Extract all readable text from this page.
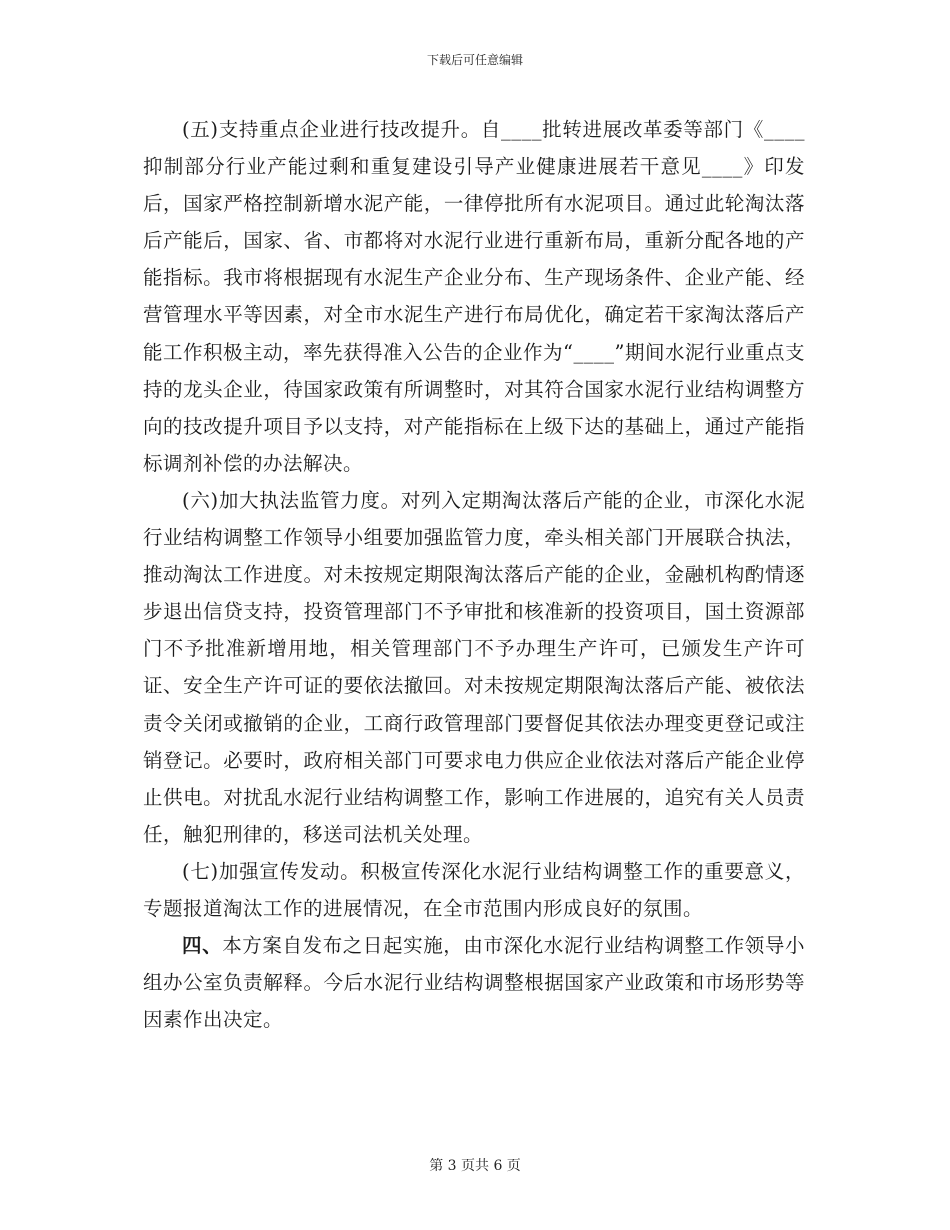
下载后可任意编辑

(五)支持重点企业进行技改提升。自____批转进展改革委等部门《____抑制部分行业产能过剩和重复建设引导产业健康进展若干意见____》印发后，国家严格控制新增水泥产能，一律停批所有水泥项目。通过此轮淘汰落后产能后，国家、省、市都将对水泥行业进行重新布局，重新分配各地的产能指标。我市将根据现有水泥生产企业分布、生产现场条件、企业产能、经营管理水平等因素，对全市水泥生产进行布局优化，确定若干家淘汰落后产能工作积极主动，率先获得准入公告的企业作为“____”期间水泥行业重点支持的龙头企业，待国家政策有所调整时，对其符合国家水泥行业结构调整方向的技改提升项目予以支持，对产能指标在上级下达的基础上，通过产能指标调剂补偿的办法解决。

(六)加大执法监管力度。对列入定期淘汰落后产能的企业，市深化水泥行业结构调整工作领导小组要加强监管力度，牵头相关部门开展联合执法，推动淘汰工作进度。对未按规定期限淘汰落后产能的企业，金融机构酌情逐步退出信贷支持，投资管理部门不予审批和核准新的投资项目，国土资源部门不予批准新增用地，相关管理部门不予办理生产许可，已颁发生产许可证、安全生产许可证的要依法撤回。对未按规定期限淘汰落后产能、被依法责令关闭或撤销的企业，工商行政管理部门要督促其依法办理变更登记或注销登记。必要时，政府相关部门可要求电力供应企业依法对落后产能企业停止供电。对扰乱水泥行业结构调整工作，影响工作进展的，追究有关人员责任，触犯刑律的，移送司法机关处理。

(七)加强宣传发动。积极宣传深化水泥行业结构调整工作的重要意义，专题报道淘汰工作的进展情况，在全市范围内形成良好的氛围。

四、本方案自发布之日起实施，由市深化水泥行业结构调整工作领导小组办公室负责解释。今后水泥行业结构调整根据国家产业政策和市场形势等因素作出决定。

第 3 页共 6 页
